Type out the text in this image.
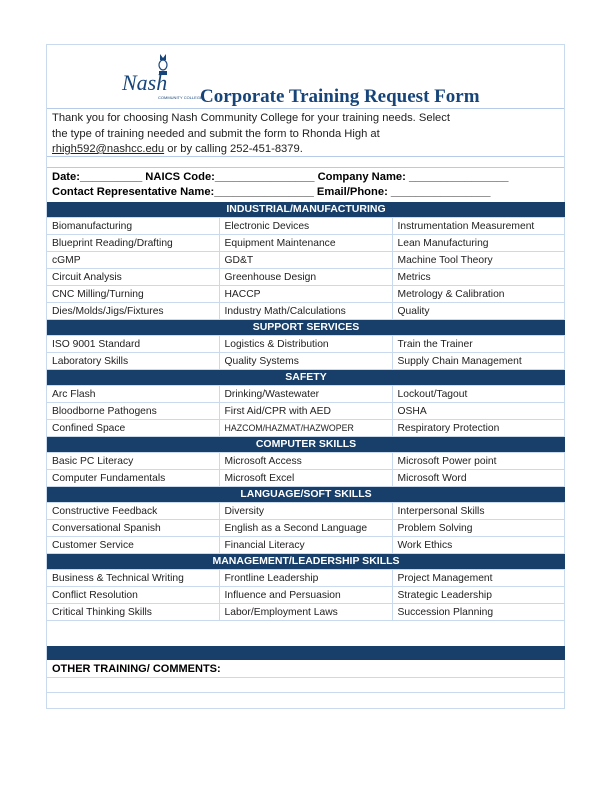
Nash
COMMUNITY COLLEGE
Corporate Training Request Form
Thank you for choosing Nash Community College for your training needs. Select
the type of training needed and submit the form to Rhonda High at
rhigh592@nashcc.edu or by calling 252-451-8379.
Date:__________ NAICS Code:________________ Company Name: ________________
Contact Representative Name:________________ Email/Phone: ________________
INDUSTRIAL/MANUFACTURING		
Biomanufacturing	Electronic Devices	Instrumentation Measurement
Blueprint Reading/Drafting	Equipment Maintenance	Lean Manufacturing
cGMP	GD&T	Machine Tool Theory
Circuit Analysis	Greenhouse Design	Metrics
CNC Milling/Turning	HACCP	Metrology & Calibration
Dies/Molds/Jigs/Fixtures	Industry Math/Calculations	Quality
SUPPORT SERVICES		
ISO 9001 Standard	Logistics & Distribution	Train the Trainer
Laboratory Skills	Quality Systems	Supply Chain Management
SAFETY		
Arc Flash	Drinking/Wastewater	Lockout/Tagout
Bloodborne Pathogens	First Aid/CPR with AED	OSHA
Confined Space	HAZCOM/HAZMAT/HAZWOPER	Respiratory Protection
COMPUTER SKILLS		
Basic PC Literacy	Microsoft Access	Microsoft Power point
Computer Fundamentals	Microsoft Excel	Microsoft Word
LANGUAGE/SOFT SKILLS		
Constructive Feedback	Diversity	Interpersonal Skills
Conversational Spanish	English as a Second Language	Problem Solving
Customer Service	Financial Literacy	Work Ethics
MANAGEMENT/LEADERSHIP SKILLS		
Business & Technical Writing	Frontline Leadership	Project Management
Conflict Resolution	Influence and Persuasion	Strategic Leadership
Critical Thinking Skills	Labor/Employment Laws	Succession Planning
OTHER TRAINING/ COMMENTS:
